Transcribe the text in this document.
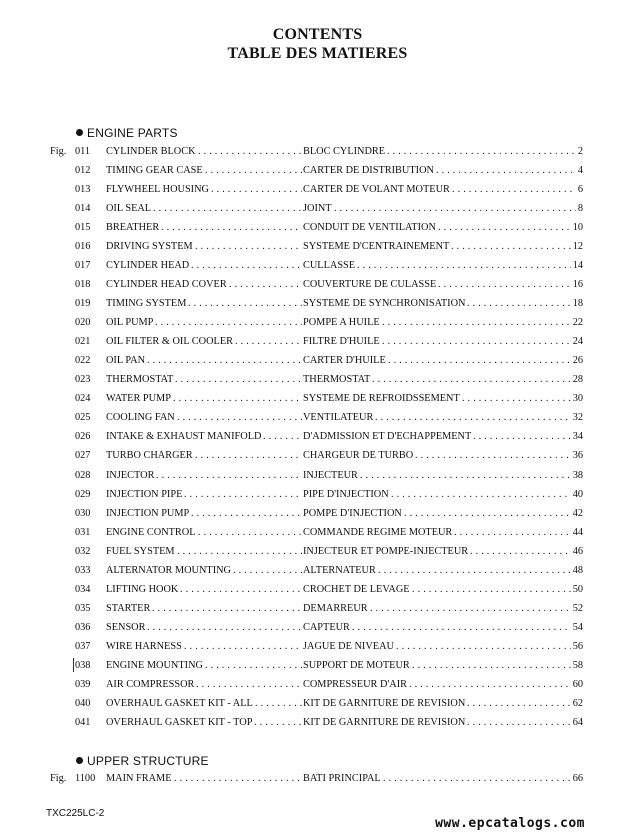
CONTENTS
TABLE DES MATIERES
ENGINE PARTS
Fig. 011 CYLINDER BLOCK	BLOC CYLINDRE	2
. . .
. . .
012 TIMING GEAR CASE	CARTER DE DISTRIBUTION	4
. . .
. . .
013 FLYWHEEL HOUSING	CARTER DE VOLANT MOTEUR	6
. . .
. . .
014 OIL SEAL	JOINT	8
. . .
. . .
015 BREATHER	CONDUIT DE VENTILATION	10
. . .
. . .
016 DRIVING SYSTEM	SYSTEME D'CENTRAINEMENT	12
. . .
. . .
017 CYLINDER HEAD	CULLASSE	14
. . .
. . .
018 CYLINDER HEAD COVER	COUVERTURE DE CULASSE	16
. . .
. . .
019 TIMING SYSTEM	SYSTEME DE SYNCHRONISATION	18
. . .
. . .
020 OIL PUMP	POMPE A HUILE	22
. . .
. . .
021 OIL FILTER & OIL COOLER	FILTRE D'HUILE	24
. . .
. . .
022 OIL PAN	CARTER D'HUILE	26
. . .
. . .
023 THERMOSTAT	THERMOSTAT	28
. . .
. . .
024 WATER PUMP	SYSTEME DE REFROIDSSEMENT	30
. . .
. . .
025 COOLING FAN	VENTILATEUR	32
. . .
. . .
026 INTAKE & EXHAUST MANIFOLD	D'ADMISSION ET D'ECHAPPEMENT	34
. . .
. . .
027 TURBO CHARGER	CHARGEUR DE TURBO	36
. . .
. . .
028 INJECTOR	INJECTEUR	38
. . .
. . .
029 INJECTION PIPE	PIPE D'INJECTION	40
. . .
. . .
030 INJECTION PUMP	POMPE D'INJECTION	42
. . .
. . .
031 ENGINE CONTROL	COMMANDE REGIME MOTEUR	44
. . .
. . .
032 FUEL SYSTEM	INJECTEUR ET POMPE-INJECTEUR	46
. . .
. . .
033 ALTERNATOR MOUNTING	ALTERNATEUR	48
. . .
. . .
034 LIFTING HOOK	CROCHET DE LEVAGE	50
. . .
. . .
035 STARTER	DEMARREUR	52
. . .
. . .
036 SENSOR	CAPTEUR	54
. . .
. . .
037 WIRE HARNESS	JAGUE DE NIVEAU	56
. . .
. . .
038 ENGINE MOUNTING	SUPPORT DE MOTEUR	58
. . .
. . .
039 AIR COMPRESSOR	COMPRESSEUR D'AIR	60
. . .
. . .
040 OVERHAUL GASKET KIT - ALL	KIT DE GARNITURE DE REVISION	62
. . .
. . .
041 OVERHAUL GASKET KIT - TOP	KIT DE GARNITURE DE REVISION	64
. . .
. . .
UPPER STRUCTURE
Fig. 1100 MAIN FRAME	BATI PRINCIPAL	66
. . .
. . .
TXC225LC-2
www.epcatalogs.com
